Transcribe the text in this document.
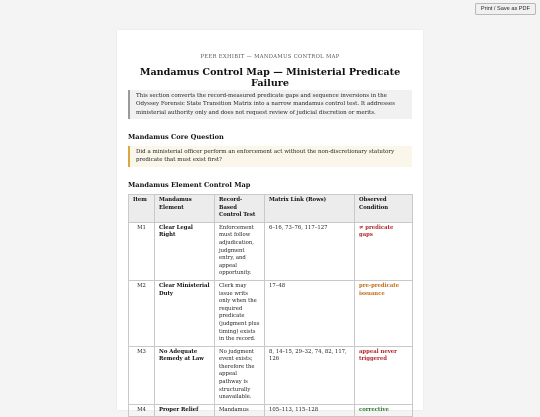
Print / Save as PDF
PEER EXHIBIT — MANDAMUS CONTROL MAP
Mandamus Control Map — Ministerial Predicate Failure
This section converts the record-measured predicate gaps and sequence inversions in the Odyssey Forensic State Transition Matrix into a narrow mandamus control test. It addresses ministerial authority only and does not request review of judicial discretion or merits.
Mandamus Core Question
Did a ministerial officer perform an enforcement act without the non-discretionary statutory predicate that must exist first?
Mandamus Element Control Map
Item	Mandamus Element	Record-Based Control Test	Matrix Link (Rows)	Observed Condition
M1	Clear Legal Right	Enforcement must follow adjudication, judgment entry, and appeal opportunity.	6–16, 73–76, 117–127	≠ predicate gaps
M2	Clear Ministerial Duty	Clerk may issue writs only when the required predicate (judgment plus timing) exists in the record.	17–48	pre-predicate issuance
M3	No Adequate Remedy at Law	No judgment event exists; therefore the appeal pathway is structurally unavailable.	8, 14–15, 29–32, 74, 82, 117, 126	appeal never triggered
M4	Proper Relief	Mandamus	105–113, 115–128	corrective
